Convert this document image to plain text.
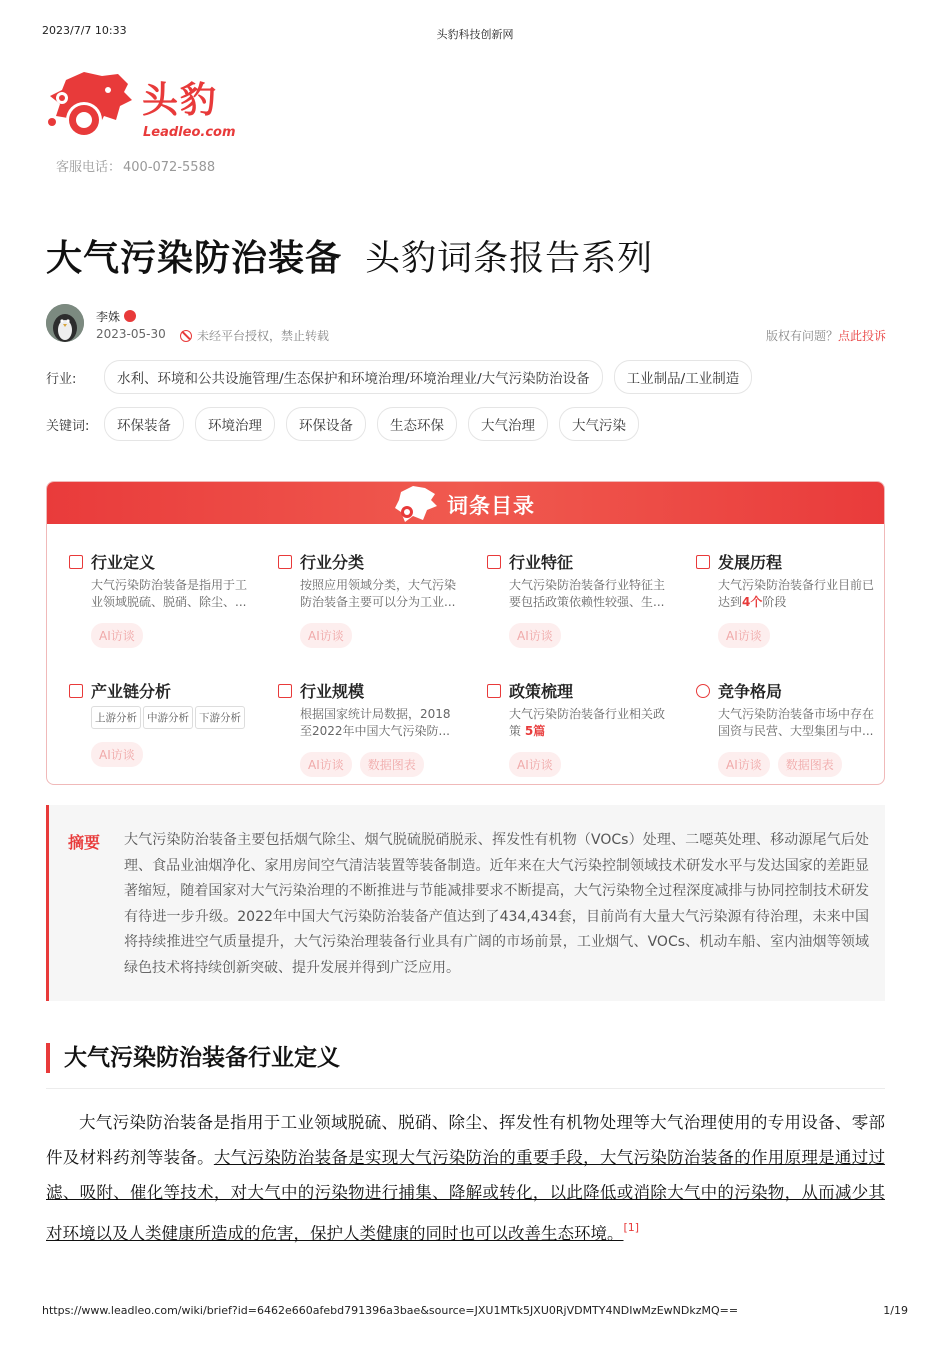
2023/7/7 10:33	头豹科技创新网
头豹
Leadleo.com
客服电话： 400-072-5588
大气污染防治装备 头豹词条报告系列
李姝
2023-05-30	未经平台授权，禁止转载	版权有问题？点此投诉
行业:	水利、环境和公共设施管理/生态保护和环境治理/环境治理业/大气污染防治设备	工业制品/工业制造
关键词: 环保装备	环境治理	环保设备	生态环保	大气治理	大气污染
词条目录
行业定义
大气污染防治装备是指用于工业领域脱硫、脱硝、除尘、...
AI访谈
行业分类
按照应用领域分类，大气污染防治装备主要可以分为工业...
AI访谈
行业特征
大气污染防治装备行业特征主要包括政策依赖性较强、生...
AI访谈
发展历程
大气污染防治装备行业目前已达到4个阶段
AI访谈
产业链分析
上游分析 中游分析 下游分析
AI访谈
行业规模
根据国家统计局数据，2018至2022年中国大气污染防...
AI访谈 数据图表
政策梳理
大气污染防治装备行业相关政策 5篇
AI访谈
竞争格局
大气污染防治装备市场中存在国资与民营、大型集团与中...
AI访谈 数据图表
摘要 大气污染防治装备主要包括烟气除尘、烟气脱硫脱硝脱汞、挥发性有机物（VOCs）处理、二噁英处理、移动源尾气后处理、食品业油烟净化、家用房间空气清洁装置等装备制造。近年来在大气污染控制领域技术研发水平与发达国家的差距显著缩短，随着国家对大气污染治理的不断推进与节能减排要求不断提高，大气污染物全过程深度减排与协同控制技术研发有待进一步升级。2022年中国大气污染防治装备产值达到了434,434套，目前尚有大量大气污染源有待治理，未来中国将持续推进空气质量提升，大气污染治理装备行业具有广阔的市场前景，工业烟气、VOCs、机动车船、室内油烟等领域绿色技术将持续创新突破、提升发展并得到广泛应用。
大气污染防治装备行业定义
大气污染防治装备是指用于工业领域脱硫、脱硝、除尘、挥发性有机物处理等大气治理使用的专用设备、零部件及材料药剂等装备。大气污染防治装备是实现大气污染防治的重要手段，大气污染防治装备的作用原理是通过过滤、吸附、催化等技术，对大气中的污染物进行捕集、降解或转化，以此降低或消除大气中的污染物，从而减少其对环境以及人类健康所造成的危害，保护人类健康的同时也可以改善生态环境。[1]
https://www.leadleo.com/wiki/brief?id=6462e660afebd791396a3bae&source=JXU1MTk5JXU0RjVDMTY4NDIwMzEwNDkzMQ==	1/19
